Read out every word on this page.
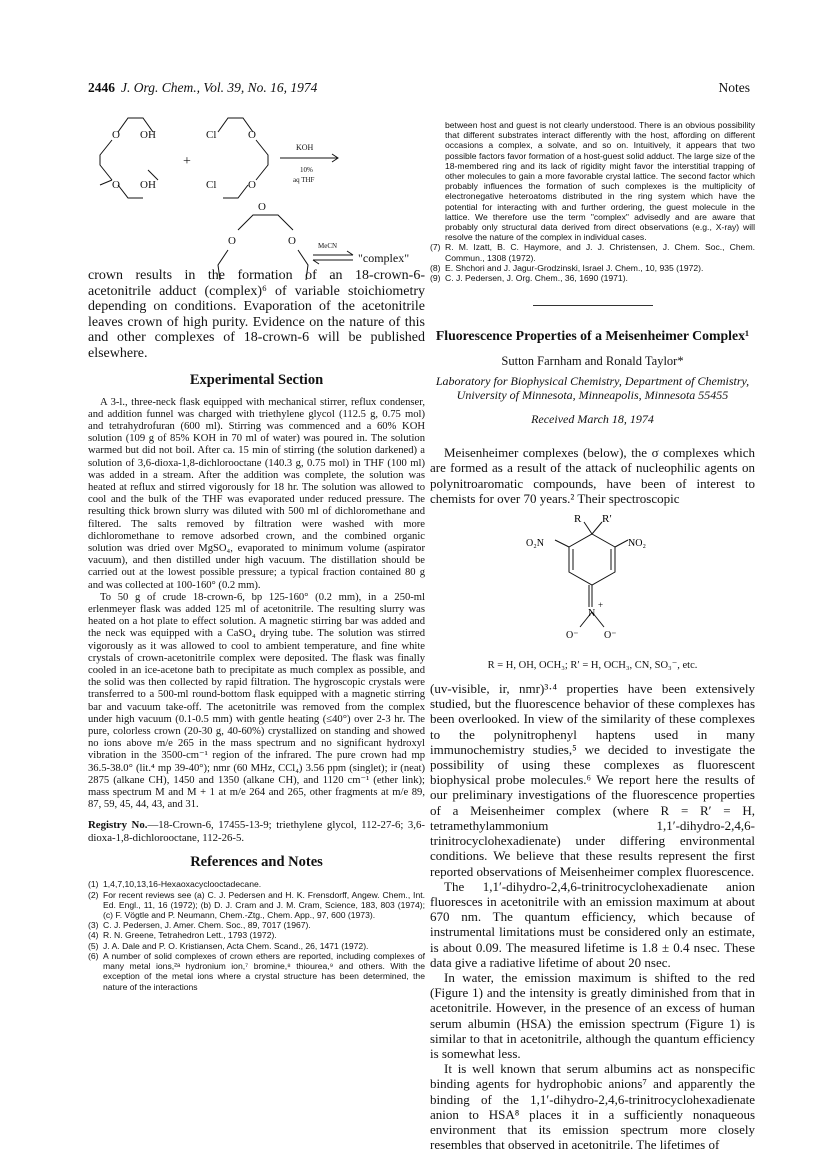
2446 J. Org. Chem., Vol. 39, No. 16, 1974	Notes
O OH
O OH
+
Cl	O
Cl	O
KOH
10%
aq THF
O
O	O	MeCN
"complex"

crown results in the formation of an 18-crown-6-acetonitrile adduct (complex)⁶ of variable stoichiometry depending on conditions. Evaporation of the acetonitrile leaves crown of high purity. Evidence on the nature of this and other complexes of 18-crown-6 will be published elsewhere.

Experimental Section

A 3-l., three-neck flask equipped with mechanical stirrer, reflux condenser, and addition funnel was charged with triethylene glycol (112.5 g, 0.75 mol) and tetrahydrofuran (600 ml). Stirring was commenced and a 60% KOH solution (109 g of 85% KOH in 70 ml of water) was poured in. The solution warmed but did not boil. After ca. 15 min of stirring (the solution darkened) a solution of 3,6-dioxa-1,8-dichlorooctane (140.3 g, 0.75 mol) in THF (100 ml) was added in a stream. After the addition was complete, the solution was heated at reflux and stirred vigorously for 18 hr. The solution was allowed to cool and the bulk of the THF was evaporated under reduced pressure. The resulting thick brown slurry was diluted with 500 ml of dichloromethane and filtered. The salts removed by filtration were washed with more dichloromethane to remove adsorbed crown, and the combined organic solution was dried over MgSO₄, evaporated to minimum volume (aspirator vacuum), and then distilled under high vacuum. The distillation should be carried out at the lowest possible pressure; a typical fraction contained 80 g and was collected at 100-160° (0.2 mm).

To 50 g of crude 18-crown-6, bp 125-160° (0.2 mm), in a 250-ml erlenmeyer flask was added 125 ml of acetonitrile. The resulting slurry was heated on a hot plate to effect solution. A magnetic stirring bar was added and the neck was equipped with a CaSO₄ drying tube. The solution was stirred vigorously as it was allowed to cool to ambient temperature, and fine white crystals of crown-acetonitrile complex were deposited. The flask was finally cooled in an ice-acetone bath to precipitate as much complex as possible, and the solid was then collected by rapid filtration. The hygroscopic crystals were transferred to a 500-ml round-bottom flask equipped with a magnetic stirring bar and vacuum take-off. The acetonitrile was removed from the complex under high vacuum (0.1-0.5 mm) with gentle heating (≤40°) over 2-3 hr. The pure, colorless crown (20-30 g, 40-60%) crystallized on standing and showed no ions above m/e 265 in the mass spectrum and no significant hydroxyl vibration in the 3500-cm⁻¹ region of the infrared. The pure crown had mp 36.5-38.0° (lit.⁴ mp 39-40°); nmr (60 MHz, CCl₄) 3.56 ppm (singlet); ir (neat) 2875 (alkane CH), 1450 and 1350 (alkane CH), and 1120 cm⁻¹ (ether link); mass spectrum M and M + 1 at m/e 264 and 265, other fragments at m/e 89, 87, 59, 45, 44, 43, and 31.

Registry No.—18-Crown-6, 17455-13-9; triethylene glycol, 112-27-6; 3,6-dioxa-1,8-dichlorooctane, 112-26-5.

References and Notes
(1) 1,4,7,10,13,16-Hexaoxacyclooctadecane.
(2) For recent reviews see (a) C. J. Pedersen and H. K. Frensdorff, Angew. Chem., Int. Ed. Engl., 11, 16 (1972); (b) D. J. Cram and J. M. Cram, Science, 183, 803 (1974); (c) F. Vögtle and P. Neumann, Chem.-Ztg., Chem. App., 97, 600 (1973).
(3) C. J. Pedersen, J. Amer. Chem. Soc., 89, 7017 (1967).
(4) R. N. Greene, Tetrahedron Lett., 1793 (1972).
(5) J. A. Dale and P. O. Kristiansen, Acta Chem. Scand., 26, 1471 (1972).
(6) A number of solid complexes of crown ethers are reported, including complexes of many metal ions,²ᵃ hydronium ion,⁷ bromine,⁸ thiourea,⁹ and others. With the exception of the metal ions where a crystal structure has been determined, the nature of the interactions

between host and guest is not clearly understood. There is an obvious possibility that different substrates interact differently with the host, affording on different occasions a complex, a solvate, and so on. Intuitively, it appears that two possible factors favor formation of a host-guest solid adduct. The large size of the 18-membered ring and its lack of rigidity might favor the interstitial trapping of other molecules to gain a more favorable crystal lattice. The second factor which probably influences the formation of such complexes is the multiplicity of electronegative heteroatoms distributed in the ring system which have the potential for interacting with and further ordering, the guest molecule in the lattice. We therefore use the term "complex" advisedly and are aware that probably only structural data derived from direct observations (e.g., X-ray) will resolve the nature of the complex in individual cases.

(7) R. M. Izatt, B. C. Haymore, and J. J. Christensen, J. Chem. Soc., Chem. Commun., 1308 (1972).
(8) E. Shchori and J. Jagur-Grodzinski, Israel J. Chem., 10, 935 (1972).
(9) C. J. Pedersen, J. Org. Chem., 36, 1690 (1971).
Fluorescence Properties of a Meisenheimer Complex¹

Sutton Farnham and Ronald Taylor*

Laboratory for Biophysical Chemistry, Department of Chemistry,

University of Minnesota, Minneapolis, Minnesota 55455

Received March 18, 1974

Meisenheimer complexes (below), the σ complexes which are formed as a result of the attack of nucleophilic agents on polynitroaromatic compounds, have been of interest to chemists for over 70 years.² Their spectroscopic

R R′
O₂N	NO₂
N
+
O⁻	O⁻

R = H, OH, OCH₃; R′ = H, OCH₃, CN, SO₃⁻, etc.

(uv-visible, ir, nmr)³·⁴ properties have been extensively studied, but the fluorescence behavior of these complexes has been overlooked. In view of the similarity of these complexes to the polynitrophenyl haptens used in many immunochemistry studies,⁵ we decided to investigate the possibility of using these complexes as fluorescent biophysical probe molecules.⁶ We report here the results of our preliminary investigations of the fluorescence properties of a Meisenheimer complex (where R = R′ = H, tetramethylammonium 1,1′-dihydro-2,4,6-trinitrocyclohexadienate) under differing environmental conditions. We believe that these results represent the first reported observations of Meisenheimer complex fluorescence.

The 1,1′-dihydro-2,4,6-trinitrocyclohexadienate anion fluoresces in acetonitrile with an emission maximum at about 670 nm. The quantum efficiency, which because of instrumental limitations must be considered only an estimate, is about 0.09. The measured lifetime is 1.8 ± 0.4 nsec. These data give a radiative lifetime of about 20 nsec.

In water, the emission maximum is shifted to the red (Figure 1) and the intensity is greatly diminished from that in acetonitrile. However, in the presence of an excess of human serum albumin (HSA) the emission spectrum (Figure 1) is similar to that in acetonitrile, although the quantum efficiency is somewhat less.

It is well known that serum albumins act as nonspecific binding agents for hydrophobic anions⁷ and apparently the binding of the 1,1′-dihydro-2,4,6-trinitrocyclohexadienate anion to HSA⁸ places it in a sufficiently nonaqueous environment that its emission spectrum more closely resembles that observed in acetonitrile. The lifetimes of
